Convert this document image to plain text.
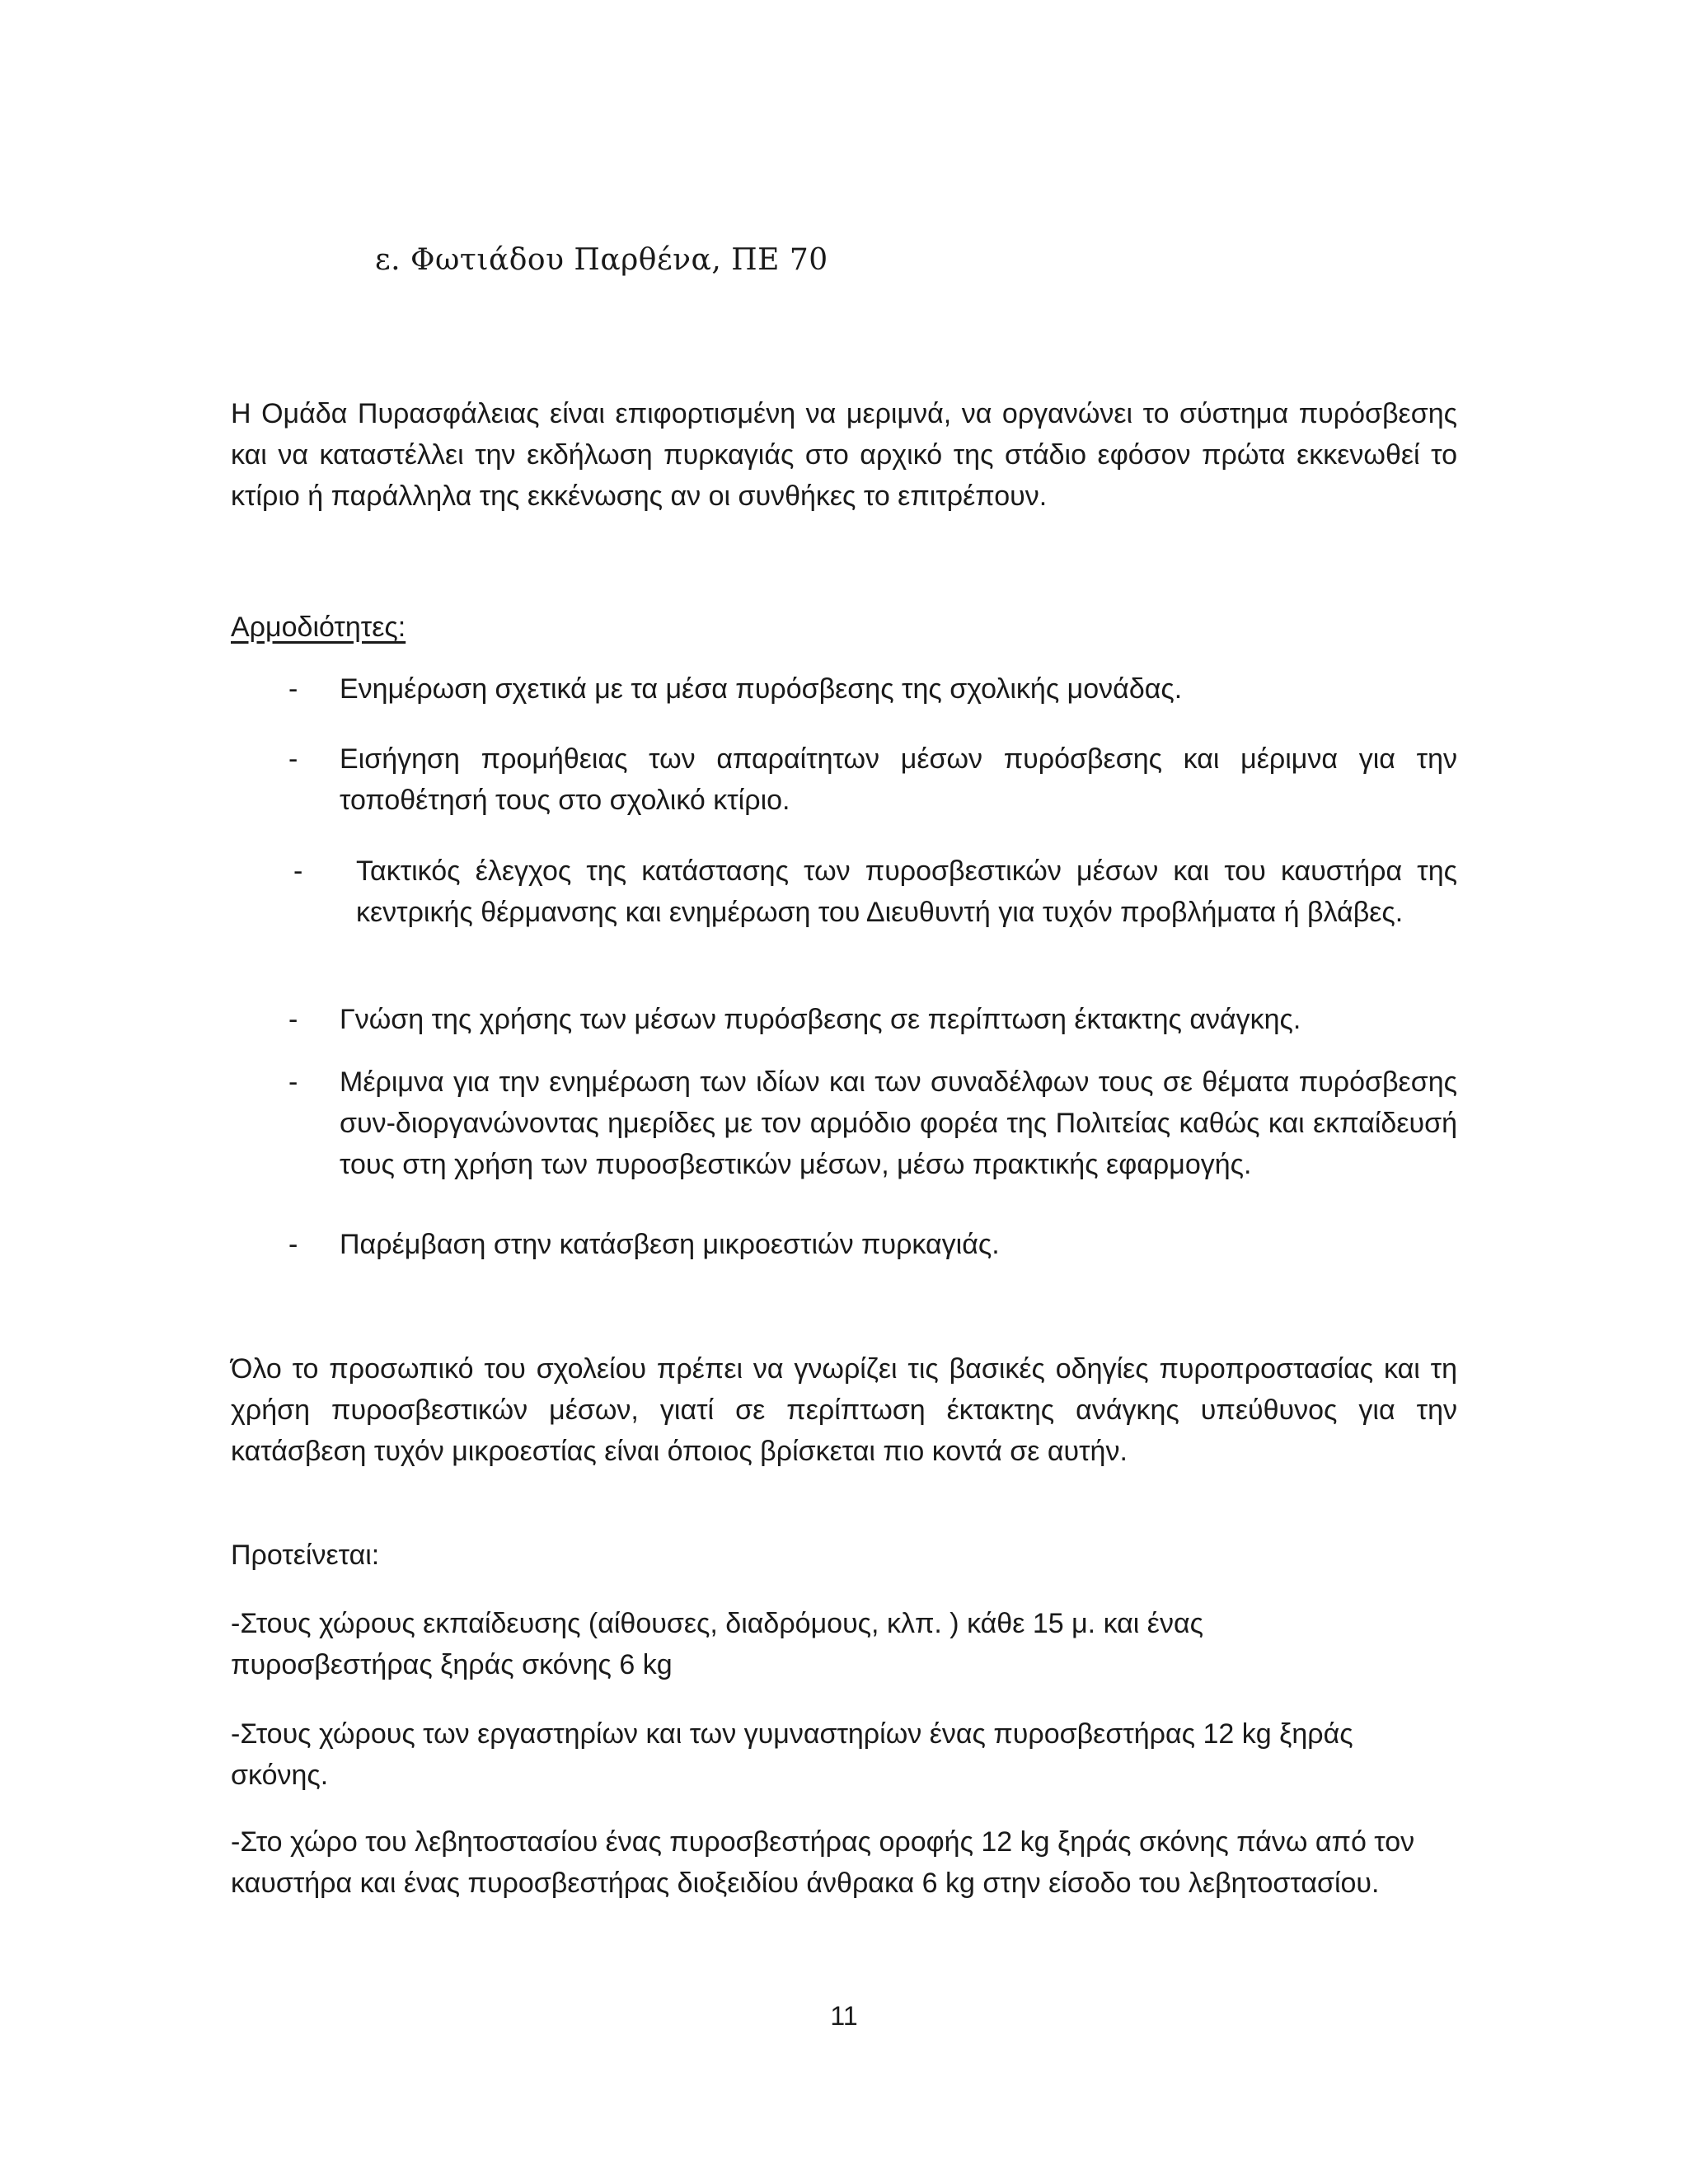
ε. Φωτιάδου Παρθένα, ΠΕ 70

Η Ομάδα Πυρασφάλειας είναι επιφορτισμένη να μεριμνά, να οργανώνει το σύστημα πυρόσβεσης και να καταστέλλει την εκδήλωση πυρκαγιάς στο αρχικό της στάδιο εφόσον πρώτα εκκενωθεί το κτίριο ή παράλληλα της εκκένωσης αν οι συνθήκες το επιτρέπουν.

Αρμοδιότητες:
-	Ενημέρωση σχετικά με τα μέσα πυρόσβεσης της σχολικής μονάδας.
-	Εισήγηση προμήθειας των απαραίτητων μέσων πυρόσβεσης και μέριμνα για την τοποθέτησή τους στο σχολικό κτίριο.
-	Τακτικός έλεγχος της κατάστασης των πυροσβεστικών μέσων και του καυστήρα της κεντρικής θέρμανσης και ενημέρωση του Διευθυντή για τυχόν προβλήματα ή βλάβες.
-	Γνώση της χρήσης των μέσων πυρόσβεσης σε περίπτωση έκτακτης ανάγκης.
-	Μέριμνα για την ενημέρωση των ιδίων και των συναδέλφων τους σε θέματα πυρόσβεσης συν-διοργανώνοντας ημερίδες με τον αρμόδιο φορέα της Πολιτείας καθώς και εκπαίδευσή τους στη χρήση των πυροσβεστικών μέσων, μέσω πρακτικής εφαρμογής.
-	Παρέμβαση στην κατάσβεση μικροεστιών πυρκαγιάς.

Όλο το προσωπικό του σχολείου πρέπει να γνωρίζει τις βασικές οδηγίες πυροπροστασίας και τη χρήση πυροσβεστικών μέσων, γιατί σε περίπτωση έκτακτης ανάγκης υπεύθυνος για την κατάσβεση τυχόν μικροεστίας είναι όποιος βρίσκεται πιο κοντά σε αυτήν.

Προτείνεται:

-Στους χώρους εκπαίδευσης (αίθουσες, διαδρόμους, κλπ. ) κάθε 15 μ. και ένας πυροσβεστήρας ξηράς σκόνης 6 kg

-Στους χώρους των εργαστηρίων και των γυμναστηρίων ένας πυροσβεστήρας 12 kg ξηράς σκόνης.

-Στο χώρο του λεβητοστασίου ένας πυροσβεστήρας οροφής 12 kg ξηράς σκόνης πάνω από τον καυστήρα και ένας πυροσβεστήρας διοξειδίου άνθρακα 6 kg στην είσοδο του λεβητοστασίου.

11
